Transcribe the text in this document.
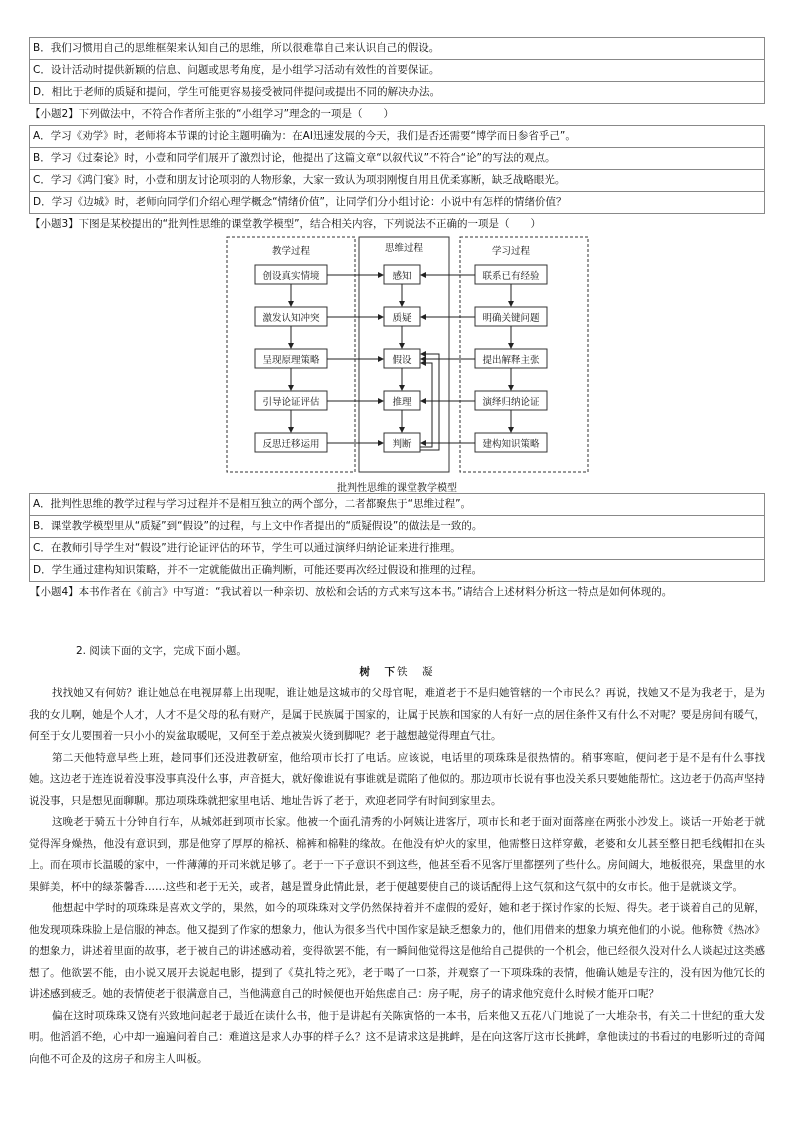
B．我们习惯用自己的思维框架来认知自己的思维，所以很难靠自己来认识自己的假设。
C．设计活动时提供新颖的信息、问题或思考角度，是小组学习活动有效性的首要保证。
D．相比于老师的质疑和提问，学生可能更容易接受被同伴提问或提出不同的解决办法。
【小题2】下列做法中，不符合作者所主张的“小组学习”理念的一项是（　　）
A．学习《劝学》时，老师将本节课的讨论主题明确为：在AI迅速发展的今天，我们是否还需要“博学而日参省乎己”。
B．学习《过秦论》时，小壹和同学们展开了激烈讨论，他提出了这篇文章“以叙代议”不符合“论”的写法的观点。
C．学习《鸿门宴》时，小壹和朋友讨论项羽的人物形象，大家一致认为项羽刚愎自用且优柔寡断，缺乏战略眼光。
D．学习《边城》时，老师向同学们介绍心理学概念“情绪价值”，让同学们分小组讨论：小说中有怎样的情绪价值？
【小题3】下图是某校提出的“批判性思维的课堂教学模型”，结合相关内容，下列说法不正确的一项是（　　）
教学过程	思维过程	学习过程
创设真实情境
激发认知冲突
呈现原理策略
引导论证评估
反思迁移运用
感知
质疑
假设
推理
判断
联系已有经验
明确关键问题
提出解释主张
演绎归纳论证
建构知识策略
批判性思维的课堂教学模型
A．批判性思维的教学过程与学习过程并不是相互独立的两个部分，二者都聚焦于“思维过程”。
B．课堂教学模型里从“质疑”到“假设”的过程，与上文中作者提出的“质疑假设”的做法是一致的。
C．在教师引导学生对“假设”进行论证评估的环节，学生可以通过演绎归纳论证来进行推理。
D．学生通过建构知识策略，并不一定就能做出正确判断，可能还要再次经过假设和推理的过程。
【小题4】本书作者在《前言》中写道：“我试着以一种亲切、放松和会话的方式来写这本书。”请结合上述材料分析这一特点是如何体现的。
2. 阅读下面的文字，完成下面小题。
树　下铁　凝

找找她又有何妨？谁让她总在电视屏幕上出现呢，谁让她是这城市的父母官呢，难道老于不是归她管辖的一个市民么？再说，找她又不是为我老于，是为我的女儿啊，她是个人才，人才不是父母的私有财产，是属于民族属于国家的，让属于民族和国家的人有好一点的居住条件又有什么不对呢？要是房间有暖气，何至于女儿要围着一只小小的炭盆取暖呢，又何至于差点被炭火烫到脚呢？老于越想越觉得理直气壮。

第二天他特意早些上班，趁同事们还没进教研室，他给项市长打了电话。应该说，电话里的项珠珠是很热情的。稍事寒暄，便问老于是不是有什么事找她。这边老于连连说着没事没事真没什么事，声音挺大，就好像谁说有事谁就是谎陷了他似的。那边项市长说有事也没关系只要她能帮忙。这边老于仍高声坚持说没事，只是想见面聊聊。那边项珠珠就把家里电话、地址告诉了老于，欢迎老同学有时间到家里去。

这晚老于骑五十分钟自行车，从城郊赶到项市长家。他被一个面孔清秀的小阿姨让进客厅，项市长和老于面对面落座在两张小沙发上。谈话一开始老于就觉得浑身燥热，他没有意识到，那是他穿了厚厚的棉袄、棉裤和棉鞋的缘故。在他没有炉火的家里，他需整日这样穿戴，老婆和女儿甚至整日把毛线帽扣在头上。而在项市长温暖的家中，一件薄薄的开司米就足够了。老于一下子意识不到这些，他甚至看不见客厅里都摆列了些什么。房间阔大，地板很亮，果盘里的水果鲜美，杯中的绿茶馨香……这些和老于无关，或者，越是置身此情此景，老于便越要使自己的谈话配得上这气氛和这气氛中的女市长。他于是就谈文学。

他想起中学时的项珠珠是喜欢文学的，果然，如今的项珠珠对文学仍然保持着并不虚假的爱好，她和老于探讨作家的长短、得失。老于谈着自己的见解，他发现项珠珠脸上是信服的神态。他又提到了作家的想象力，他认为很多当代中国作家是缺乏想象力的，他们用借来的想象力填充他们的小说。他称赞《热冰》的想象力，讲述着里面的故事，老于被自己的讲述感动着，变得欲罢不能，有一瞬间他觉得这是他给自己提供的一个机会，他已经很久没对什么人谈起过这类感想了。他欲罢不能，由小说又展开去说起电影，提到了《莫扎特之死》，老于喝了一口茶，并观察了一下项珠珠的表情，他确认她是专注的，没有因为他冗长的讲述感到疲乏。她的表情使老于很满意自己，当他满意自己的时候便也开始焦虑自己：房子呢，房子的请求他究竟什么时候才能开口呢？

偏在这时项珠珠又饶有兴致地问起老于最近在读什么书，他于是讲起有关陈寅恪的一本书，后来他又五花八门地说了一大堆杂书，有关二十世纪的重大发明。他滔滔不绝，心中却一遍遍问着自己：难道这是求人办事的样子么？这不是请求这是挑衅，是在向这客厅这市长挑衅，拿他读过的书看过的电影听过的奇闻向他不可企及的这房子和房主人叫板。
